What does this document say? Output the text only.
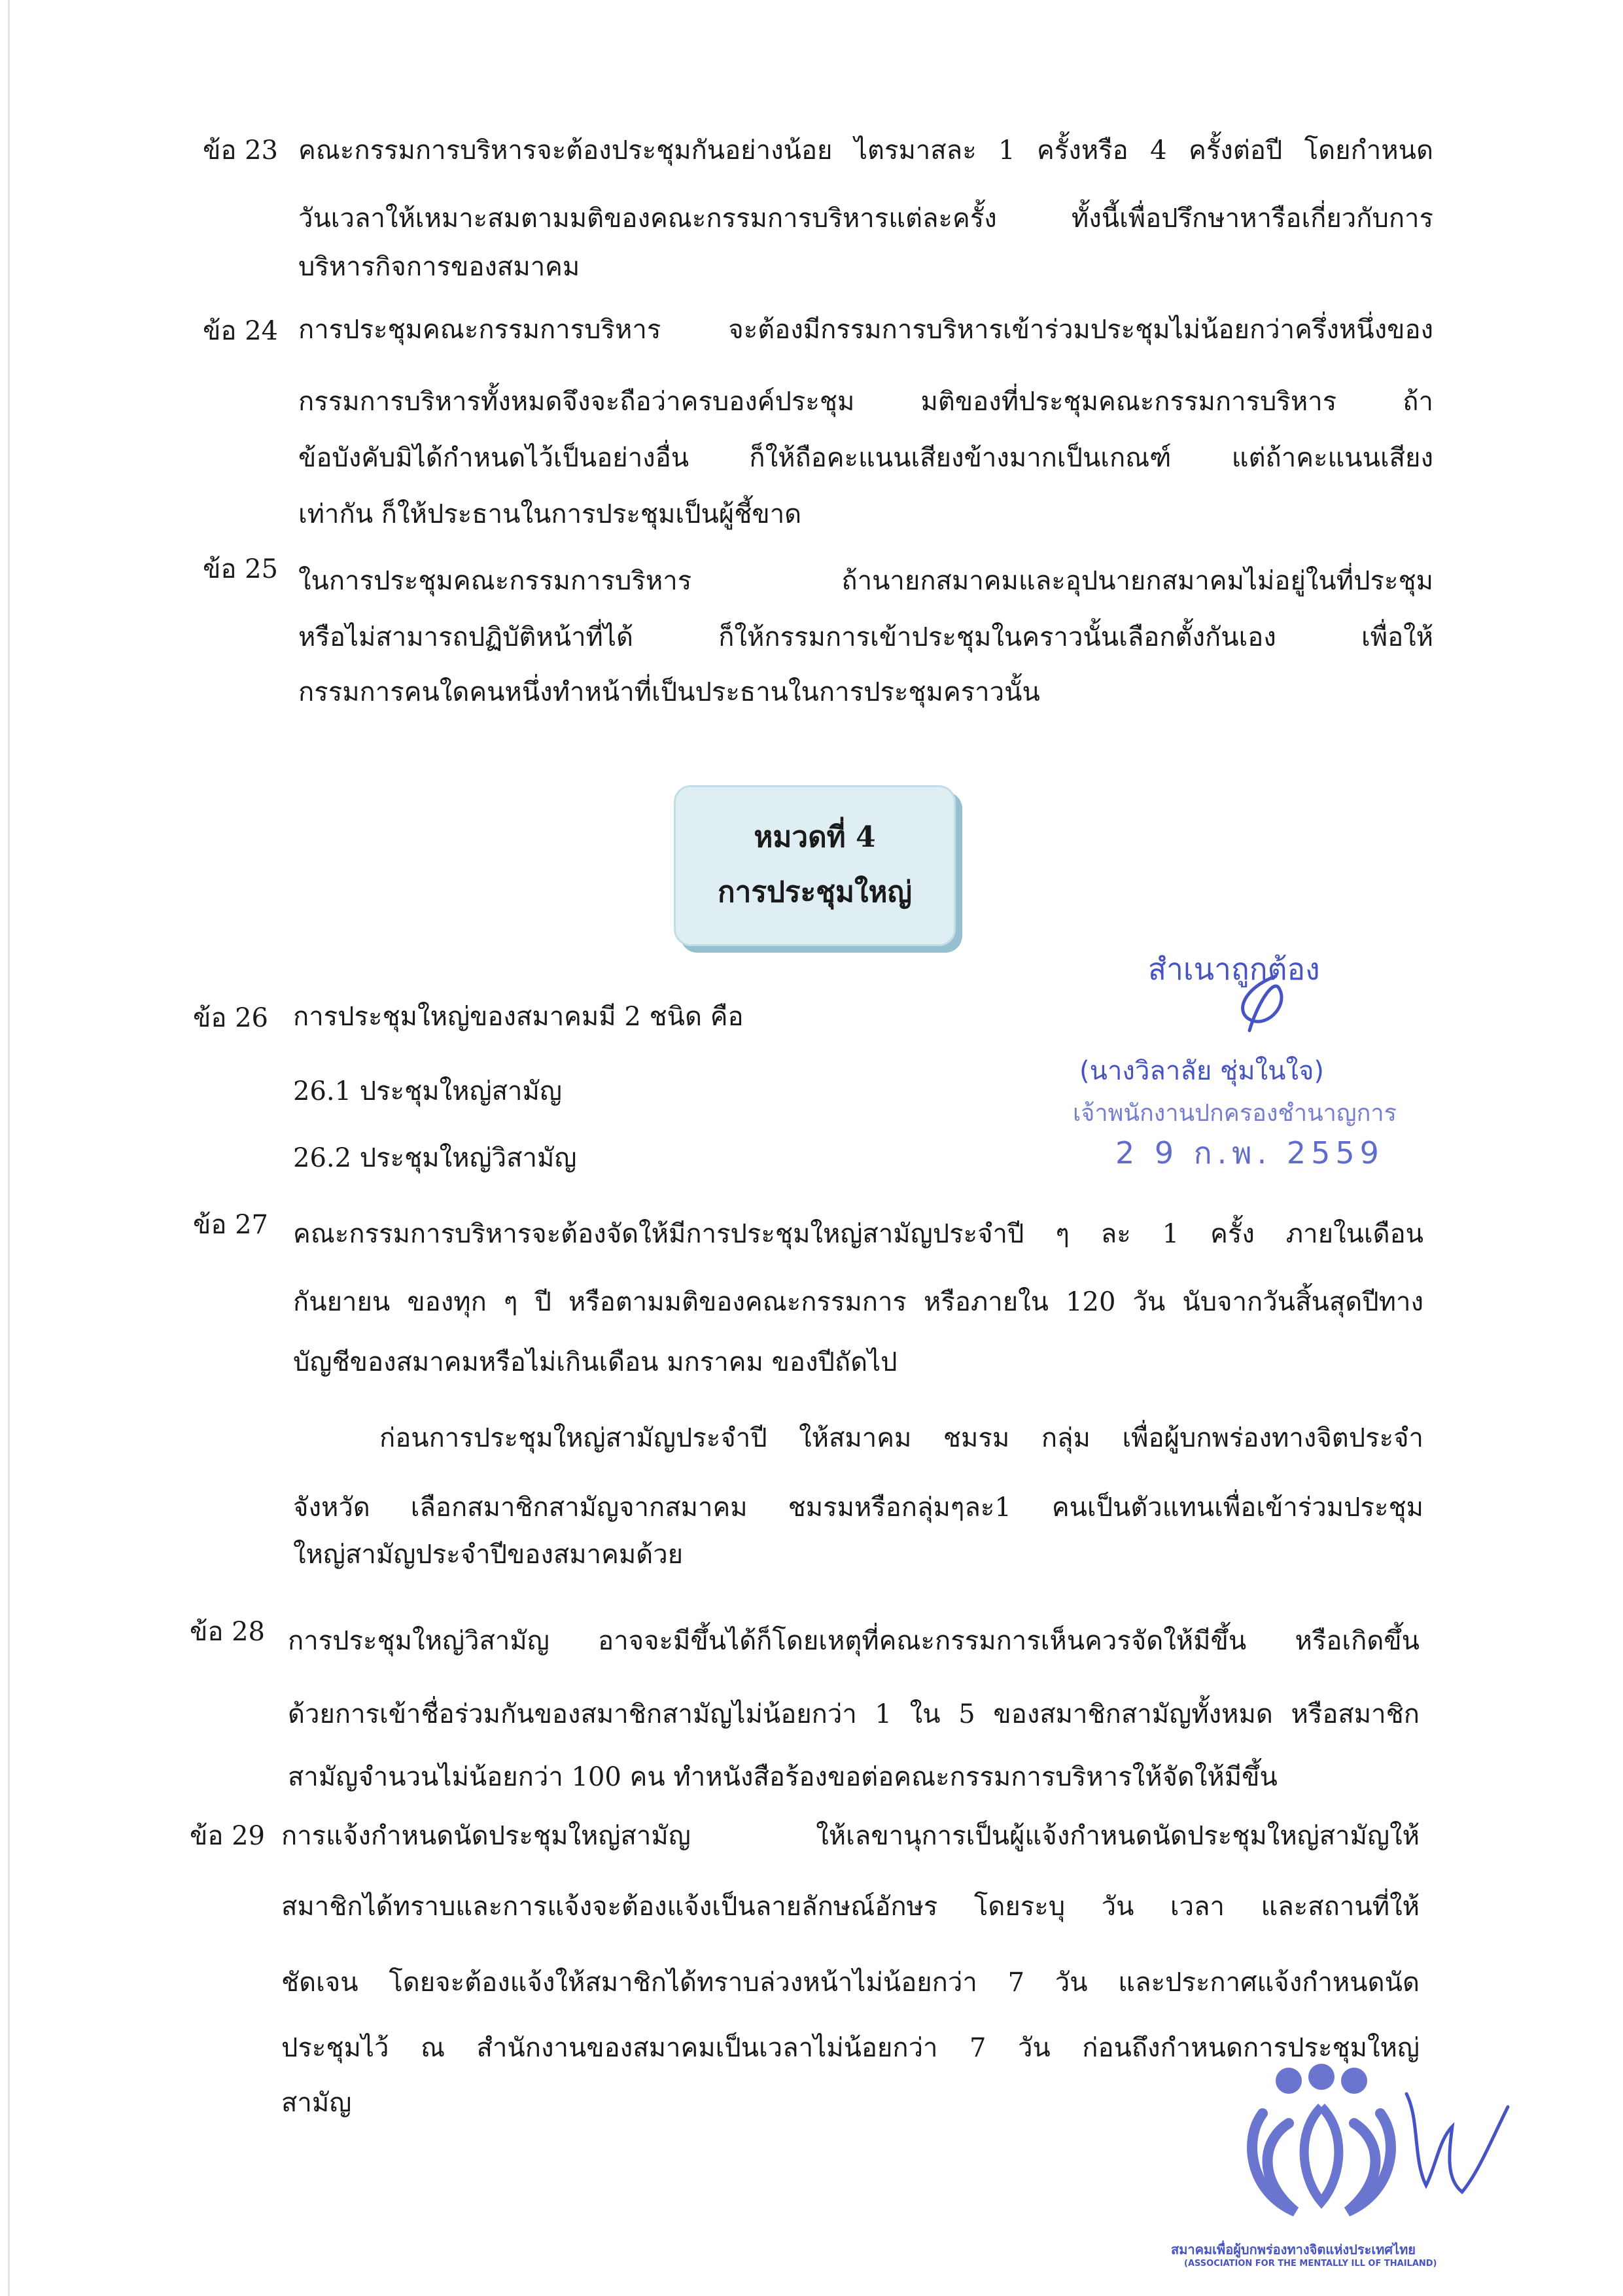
ข้อ 23 คณะกรรมการบริหารจะต้องประชุมกันอย่างน้อย ไตรมาสละ 1 ครั้งหรือ 4 ครั้งต่อปี โดยกำหนด
วันเวลาให้เหมาะสมตามมติของคณะกรรมการบริหารแต่ละครั้ง	ทั้งนี้เพื่อปรึกษาหารือเกี่ยวกับการ
บริหารกิจการของสมาคม
ข้อ 24 การประชุมคณะกรรมการบริหาร	จะต้องมีกรรมการบริหารเข้าร่วมประชุมไม่น้อยกว่าครึ่งหนึ่งของ
กรรมการบริหารทั้งหมดจึงจะถือว่าครบองค์ประชุม	มติของที่ประชุมคณะกรรมการบริหาร	ถ้า
ข้อบังคับมิได้กำหนดไว้เป็นอย่างอื่น ก็ให้ถือคะแนนเสียงข้างมากเป็นเกณฑ์ แต่ถ้าคะแนนเสียง
เท่ากัน ก็ให้ประธานในการประชุมเป็นผู้ชี้ขาด
ข้อ 25 ในการประชุมคณะกรรมการบริหาร	ถ้านายกสมาคมและอุปนายกสมาคมไม่อยู่ในที่ประชุม
หรือไม่สามารถปฏิบัติหน้าที่ได้	ก็ให้กรรมการเข้าประชุมในคราวนั้นเลือกตั้งกันเอง	เพื่อให้
กรรมการคนใดคนหนึ่งทำหน้าที่เป็นประธานในการประชุมคราวนั้น
หมวดที่ 4
การประชุมใหญ่
ข้อ 26 การประชุมใหญ่ของสมาคมมี 2 ชนิด คือ
26.1 ประชุมใหญ่สามัญ
26.2 ประชุมใหญ่วิสามัญ
ข้อ 27 คณะกรรมการบริหารจะต้องจัดให้มีการประชุมใหญ่สามัญประจำปี ๆ ละ 1 ครั้ง ภายในเดือน
กันยายน ของทุก ๆ ปี หรือตามมติของคณะกรรมการ หรือภายใน 120 วัน นับจากวันสิ้นสุดปีทาง
บัญชีของสมาคมหรือไม่เกินเดือน มกราคม ของปีถัดไป
ก่อนการประชุมใหญ่สามัญประจำปี ให้สมาคม ชมรม กลุ่ม เพื่อผู้บกพร่องทางจิตประจำ
จังหวัด เลือกสมาชิกสามัญจากสมาคม ชมรมหรือกลุ่มๆละ1 คนเป็นตัวแทนเพื่อเข้าร่วมประชุม
ใหญ่สามัญประจำปีของสมาคมด้วย
ข้อ 28 การประชุมใหญ่วิสามัญ อาจจะมีขึ้นได้ก็โดยเหตุที่คณะกรรมการเห็นควรจัดให้มีขึ้น หรือเกิดขึ้น
ด้วยการเข้าชื่อร่วมกันของสมาชิกสามัญไม่น้อยกว่า 1 ใน 5 ของสมาชิกสามัญทั้งหมด หรือสมาชิก
สามัญจำนวนไม่น้อยกว่า 100 คน ทำหนังสือร้องขอต่อคณะกรรมการบริหารให้จัดให้มีขึ้น
ข้อ 29 การแจ้งกำหนดนัดประชุมใหญ่สามัญ	ให้เลขานุการเป็นผู้แจ้งกำหนดนัดประชุมใหญ่สามัญให้
สมาชิกได้ทราบและการแจ้งจะต้องแจ้งเป็นลายลักษณ์อักษร โดยระบุ วัน เวลา และสถานที่ให้
ชัดเจน โดยจะต้องแจ้งให้สมาชิกได้ทราบล่วงหน้าไม่น้อยกว่า 7 วัน และประกาศแจ้งกำหนดนัด
ประชุมไว้ ณ สำนักงานของสมาคมเป็นเวลาไม่น้อยกว่า 7 วัน ก่อนถึงกำหนดการประชุมใหญ่
สามัญ
สำเนาถูกต้อง
(นางวิลาลัย ชุ่มในใจ)
เจ้าพนักงานปกครองชำนาญการ
2 9 ก.พ. 2559
สมาคมเพื่อผู้บกพร่องทางจิตแห่งประเทศไทย
(ASSOCIATION FOR THE MENTALLY ILL OF THAILAND)
